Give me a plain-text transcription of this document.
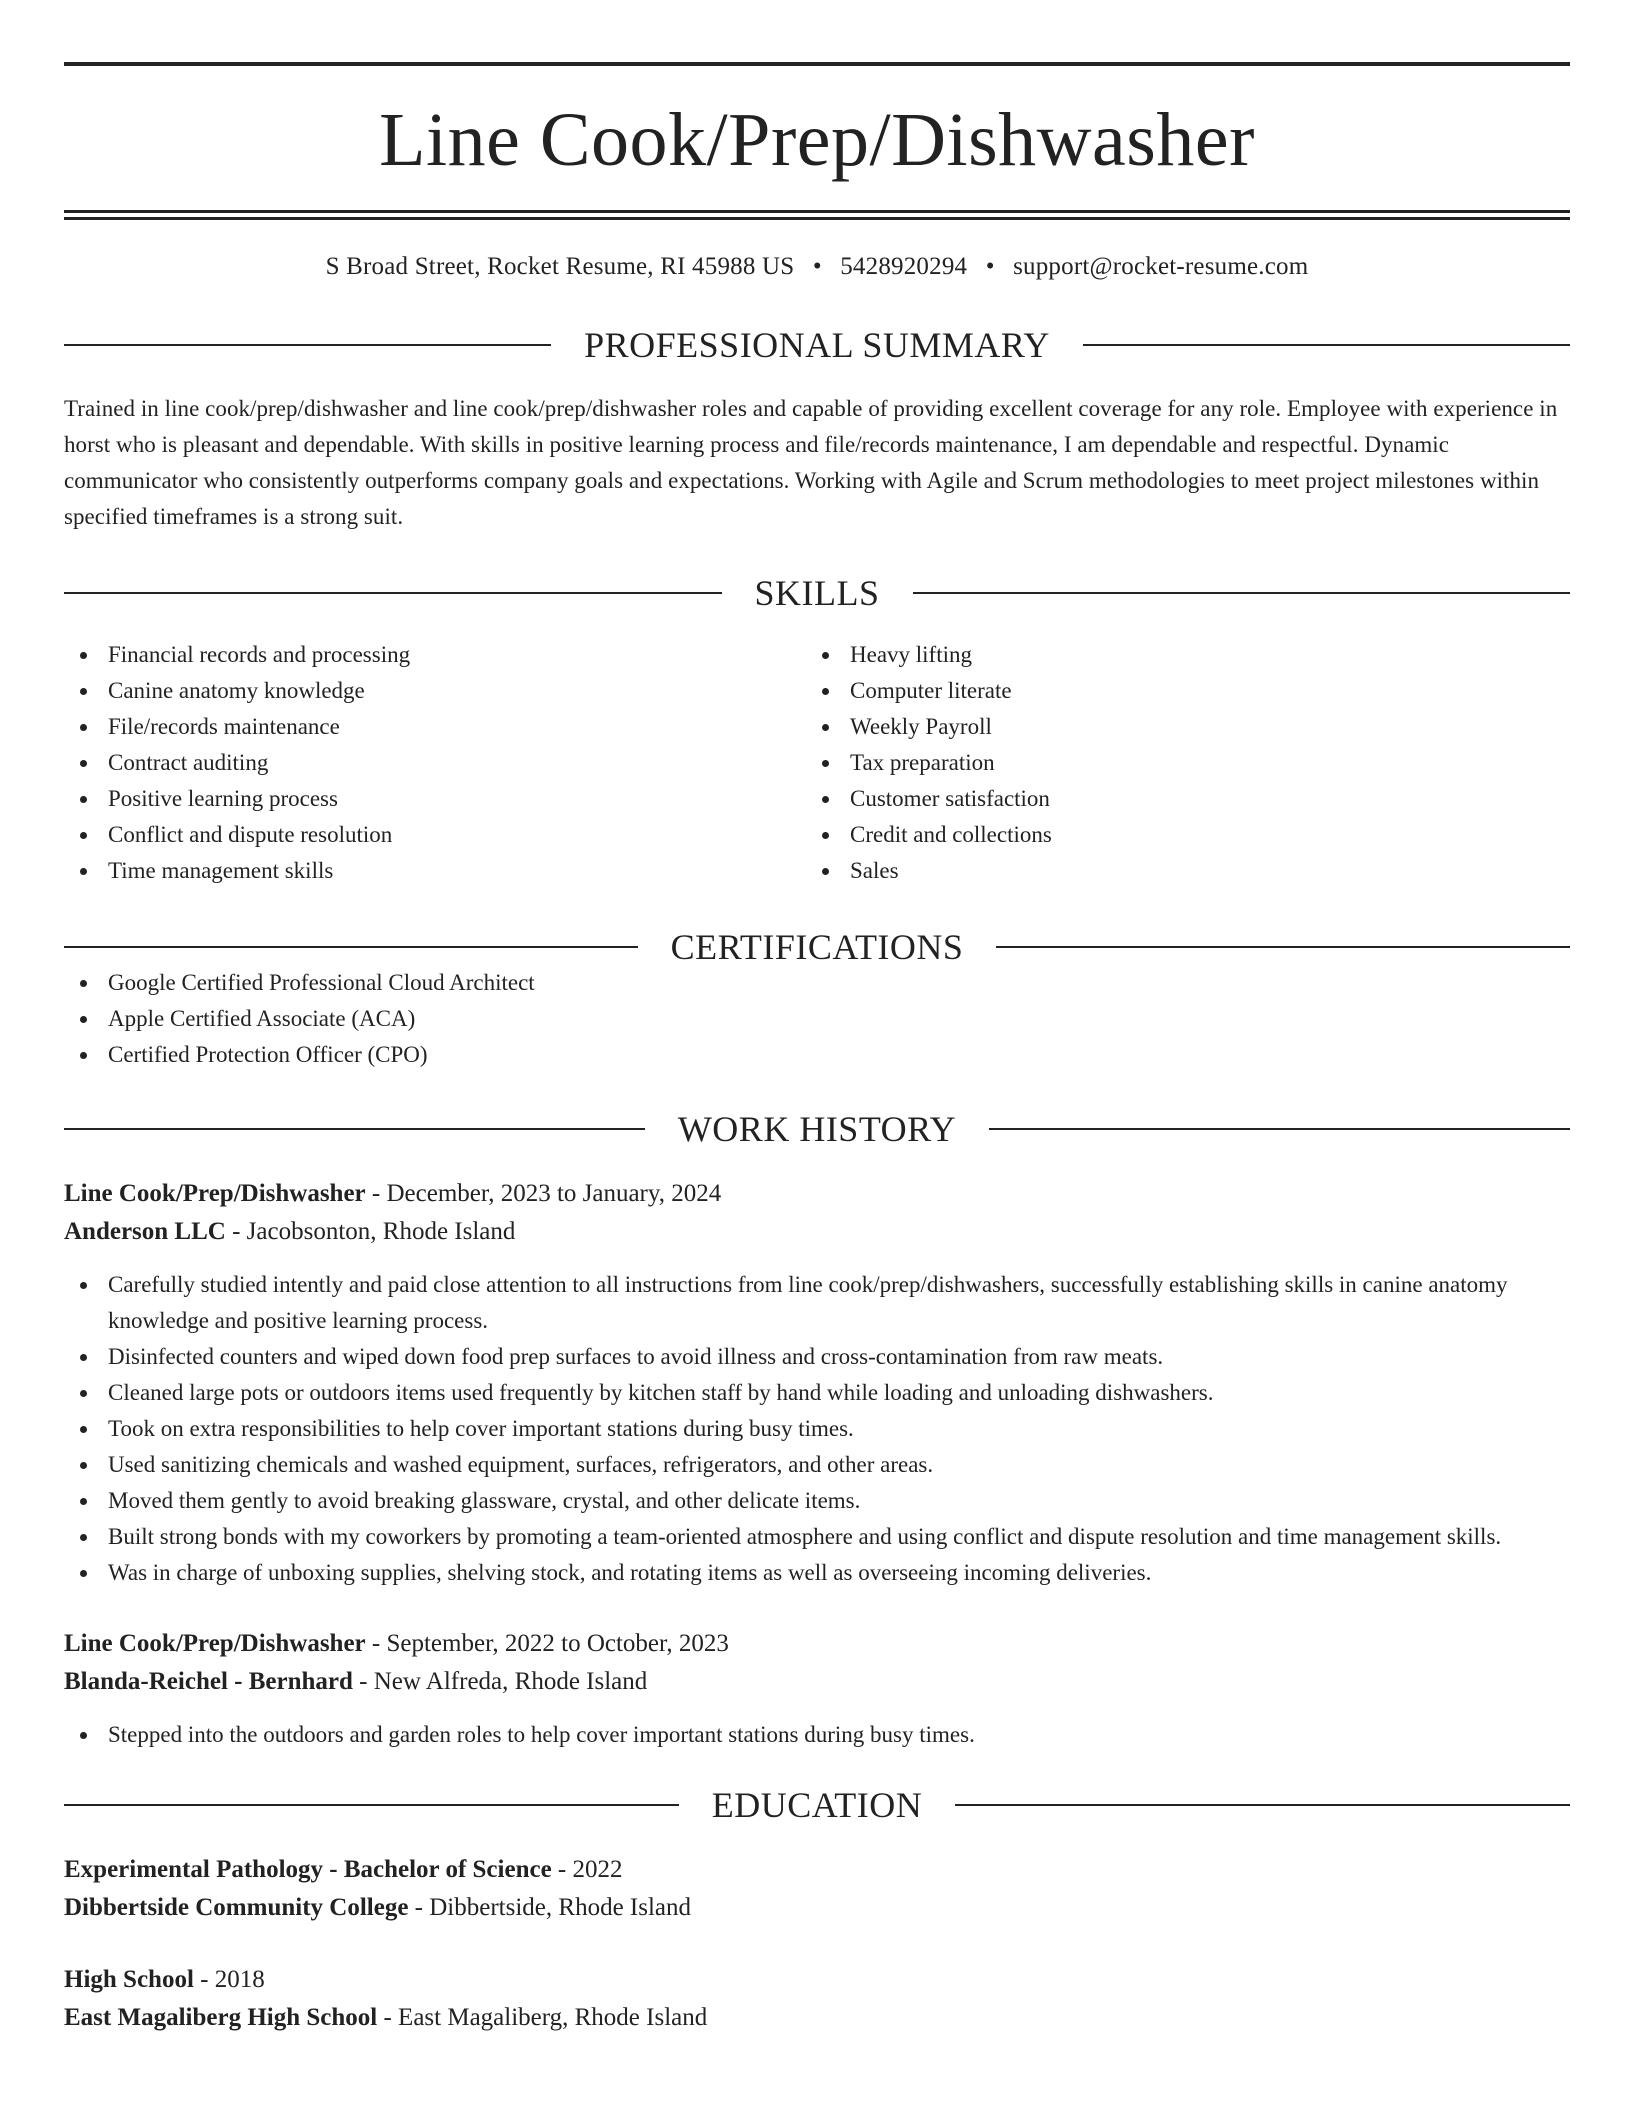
Line Cook/Prep/Dishwasher
S Broad Street, Rocket Resume, RI 45988 US • 5428920294 • support@rocket-resume.com
PROFESSIONAL SUMMARY

Trained in line cook/prep/dishwasher and line cook/prep/dishwasher roles and capable of providing excellent coverage for any role. Employee with experience in horst who is pleasant and dependable. With skills in positive learning process and file/records maintenance, I am dependable and respectful. Dynamic communicator who consistently outperforms company goals and expectations. Working with Agile and Scrum methodologies to meet project milestones within specified timeframes is a strong suit.

SKILLS
Financial records and processing
Canine anatomy knowledge
File/records maintenance
Contract auditing
Positive learning process
Conflict and dispute resolution
Time management skills
Heavy lifting
Computer literate
Weekly Payroll
Tax preparation
Customer satisfaction
Credit and collections
Sales
CERTIFICATIONS
Google Certified Professional Cloud Architect
Apple Certified Associate (ACA)
Certified Protection Officer (CPO)
WORK HISTORY
Line Cook/Prep/Dishwasher - December, 2023 to January, 2024
Anderson LLC - Jacobsonton, Rhode Island
Carefully studied intently and paid close attention to all instructions from line cook/prep/dishwashers, successfully establishing skills in canine anatomy knowledge and positive learning process.
Disinfected counters and wiped down food prep surfaces to avoid illness and cross-contamination from raw meats.
Cleaned large pots or outdoors items used frequently by kitchen staff by hand while loading and unloading dishwashers.
Took on extra responsibilities to help cover important stations during busy times.
Used sanitizing chemicals and washed equipment, surfaces, refrigerators, and other areas.
Moved them gently to avoid breaking glassware, crystal, and other delicate items.
Built strong bonds with my coworkers by promoting a team-oriented atmosphere and using conflict and dispute resolution and time management skills.
Was in charge of unboxing supplies, shelving stock, and rotating items as well as overseeing incoming deliveries.
Line Cook/Prep/Dishwasher - September, 2022 to October, 2023
Blanda-Reichel - Bernhard - New Alfreda, Rhode Island
Stepped into the outdoors and garden roles to help cover important stations during busy times.
EDUCATION
Experimental Pathology - Bachelor of Science - 2022
Dibbertside Community College - Dibbertside, Rhode Island
High School - 2018
East Magaliberg High School - East Magaliberg, Rhode Island
